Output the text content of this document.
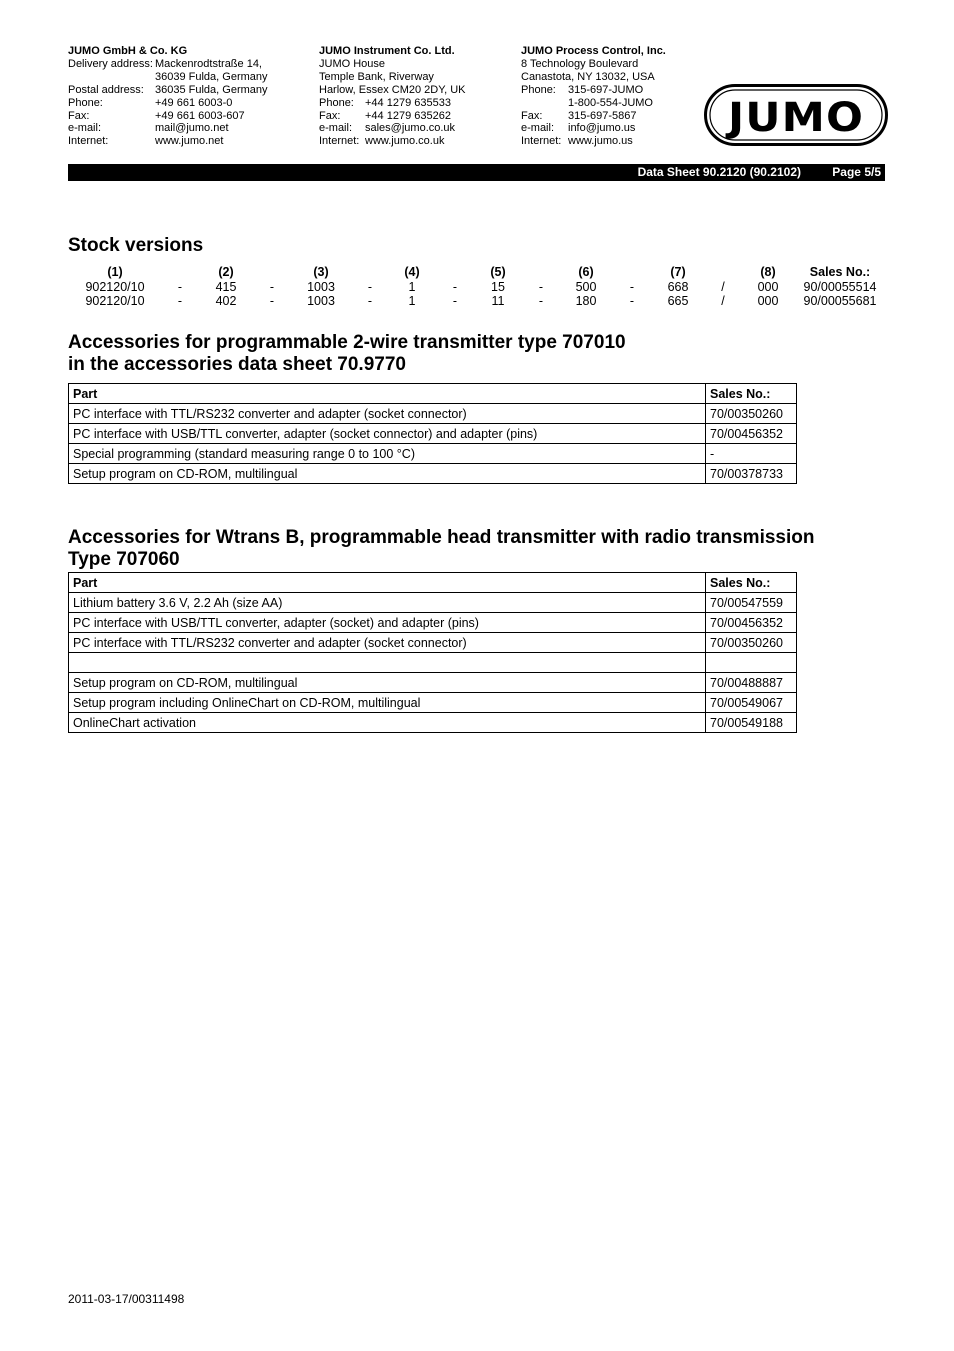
JUMO GmbH & Co. KG
Delivery address: Mackenrodtstraße 14,
36039 Fulda, Germany
Postal address:	36035 Fulda, Germany
Phone:	+49 661 6003-0
Fax:	+49 661 6003-607
e-mail:	mail@jumo.net
Internet:	www.jumo.net
JUMO Instrument Co. Ltd.
JUMO House
Temple Bank, Riverway
Harlow, Essex CM20 2DY, UK
Phone:	+44 1279 635533
Fax:	+44 1279 635262
e-mail:	sales@jumo.co.uk
Internet: www.jumo.co.uk
JUMO Process Control, Inc.
8 Technology Boulevard
Canastota, NY 13032, USA
Phone:	315-697-JUMO
1-800-554-JUMO
Fax:	315-697-5867
e-mail:	info@jumo.us
Internet: www.jumo.us
JUMO
Data Sheet 90.2120 (90.2102)	Page 5/5
Stock versions
(1)	(2)	(3)	(4)	(5)	(6)	(7)	(8)	Sales No.:
902120/10	-	415	-	1003	-	1	-	15	-	500	-	668	/	000	90/00055514
902120/10	-	402	-	1003	-	1	-	11	-	180	-	665	/	000	90/00055681
Accessories for programmable 2-wire transmitter type 707010
in the accessories data sheet 70.9770
Part	Sales No.:
PC interface with TTL/RS232 converter and adapter (socket connector)	70/00350260
PC interface with USB/TTL converter, adapter (socket connector) and adapter (pins)	70/00456352
Special programming (standard measuring range 0 to 100 °C)	-
Setup program on CD-ROM, multilingual	70/00378733
Accessories for Wtrans B, programmable head transmitter with radio transmission
Type 707060
Part	Sales No.:
Lithium battery 3.6 V, 2.2 Ah (size AA)	70/00547559
PC interface with USB/TTL converter, adapter (socket) and adapter (pins)	70/00456352
PC interface with TTL/RS232 converter and adapter (socket connector)	70/00350260

Setup program on CD-ROM, multilingual	70/00488887
Setup program including OnlineChart on CD-ROM, multilingual	70/00549067
OnlineChart activation	70/00549188
2011-03-17/00311498
